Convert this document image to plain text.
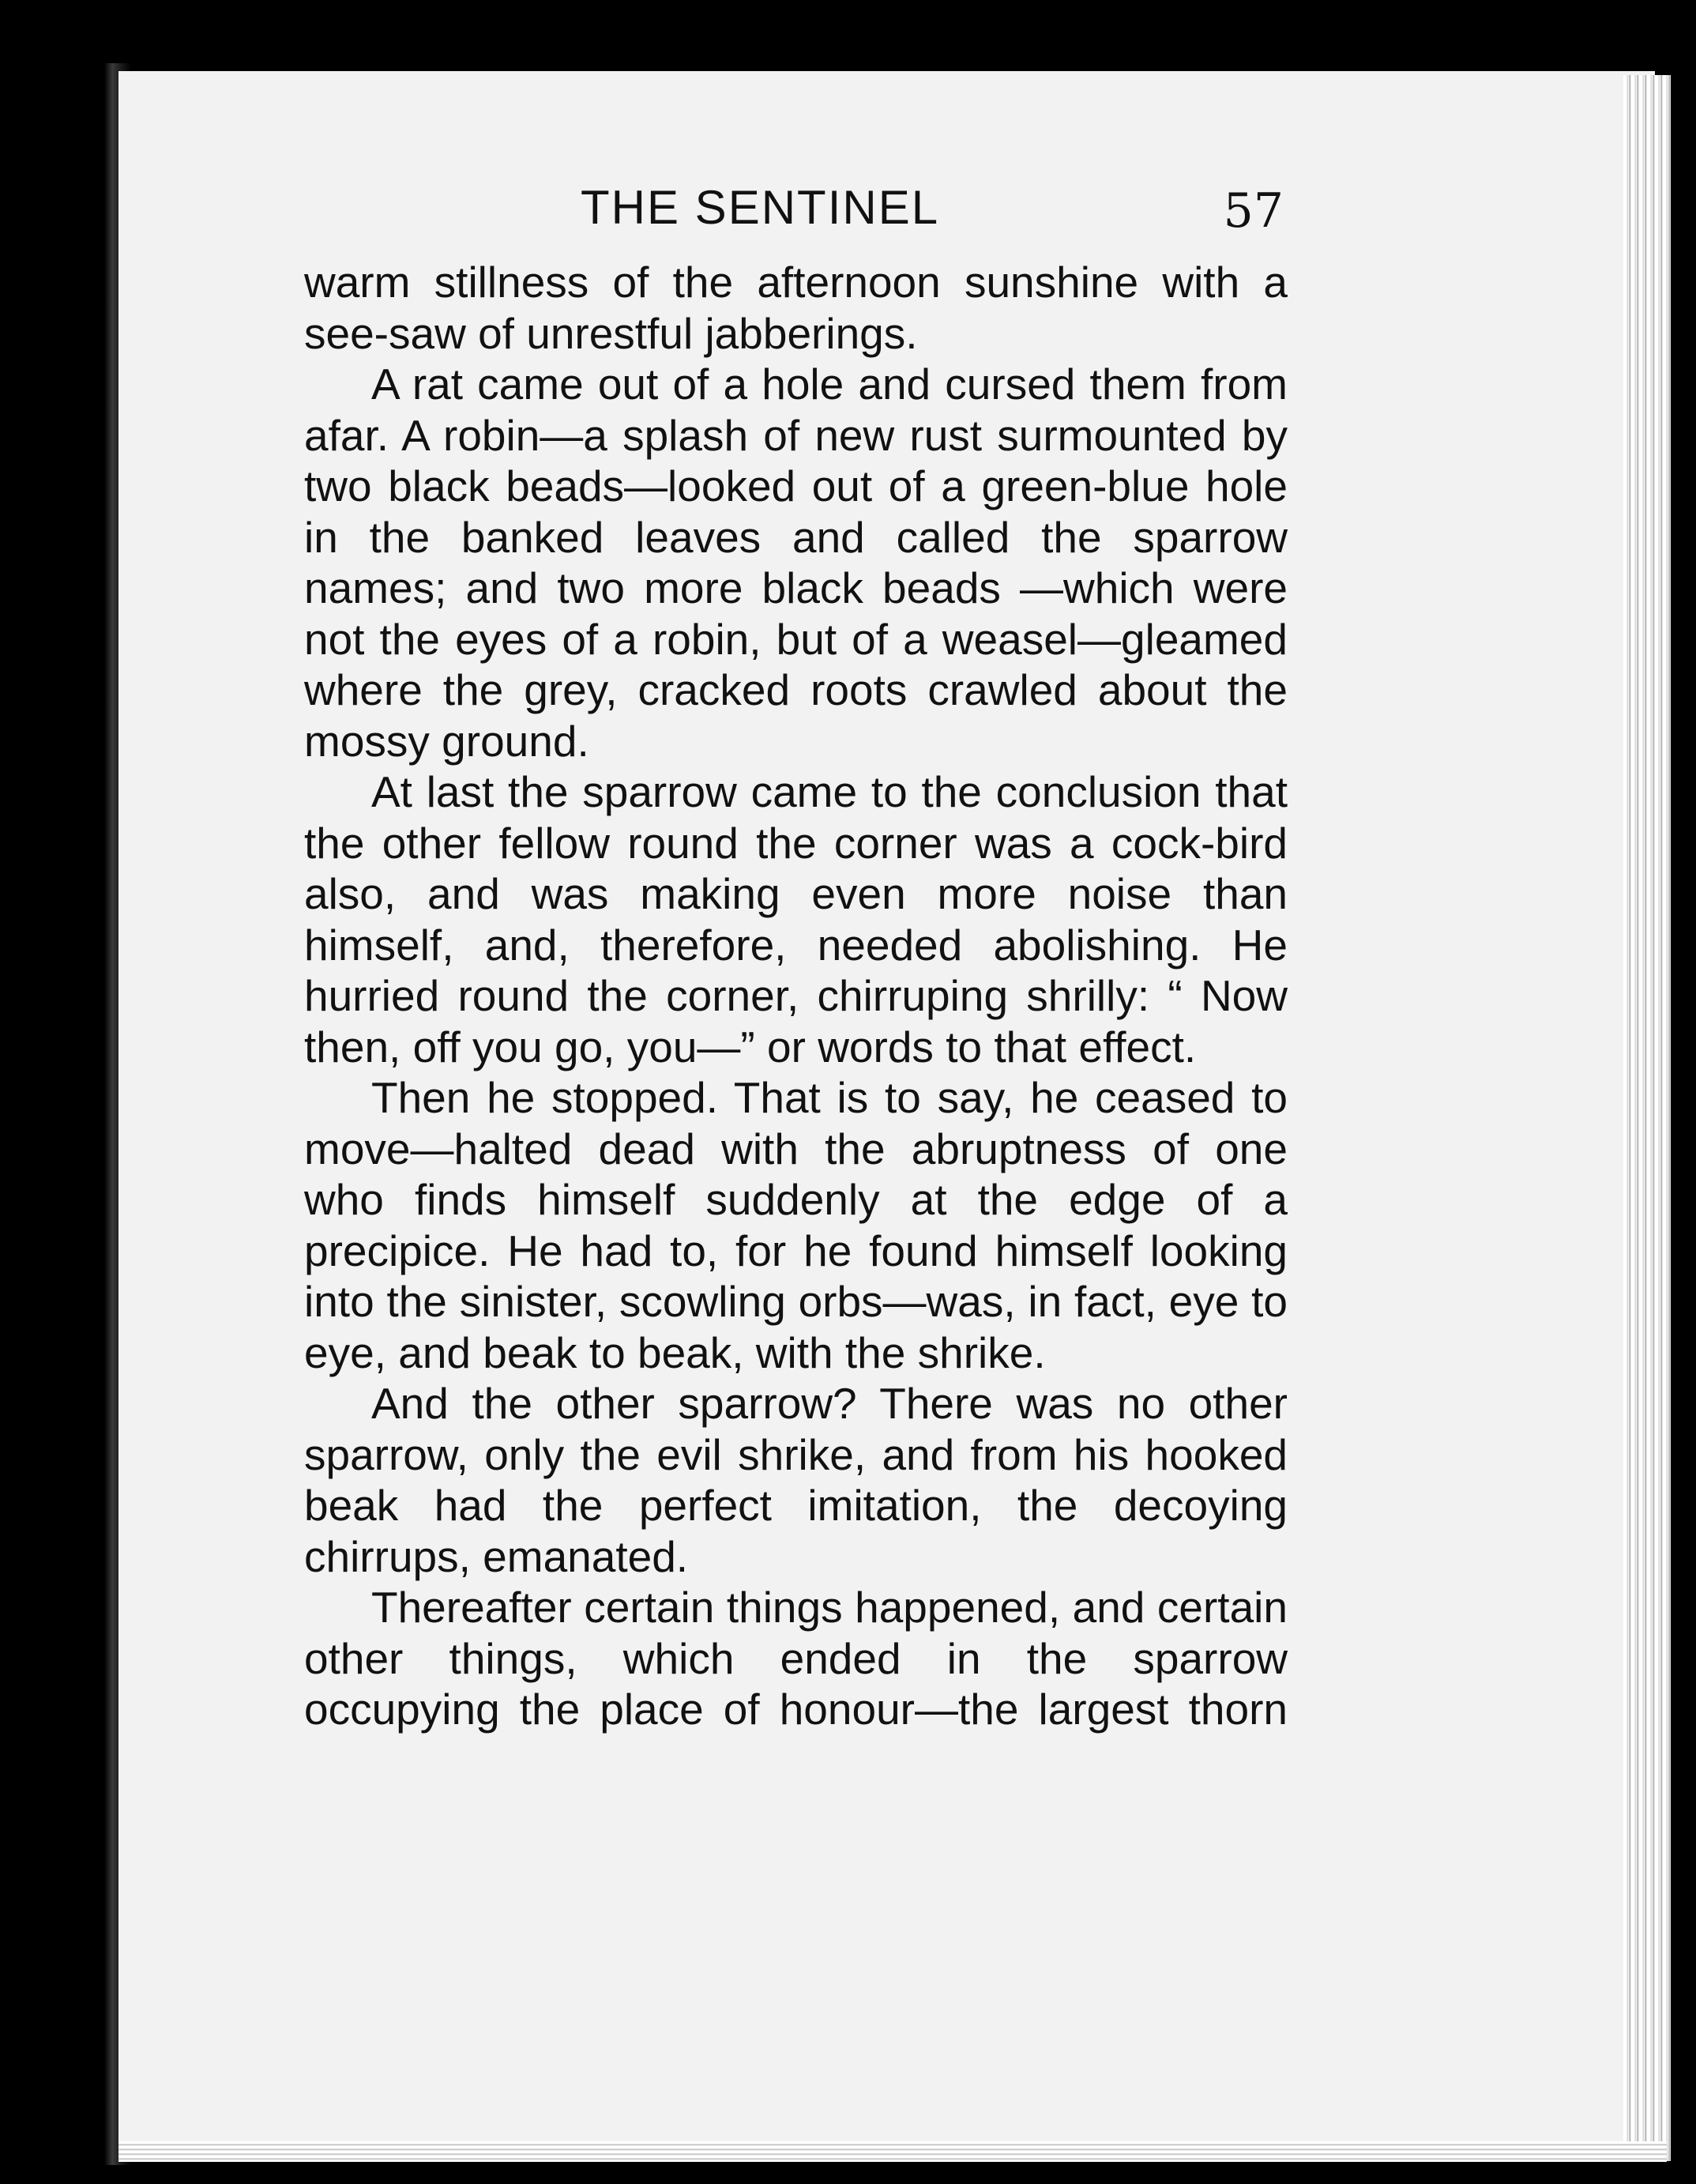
THE SENTINEL	57

warm stillness of the afternoon sunshine with a see-saw of unrestful jabberings.

A rat came out of a hole and cursed them from afar. A robin—a splash of new rust surmounted by two black beads—looked out of a green-blue hole in the banked leaves and called the sparrow names; and two more black beads —which were not the eyes of a robin, but of a weasel—gleamed where the grey, cracked roots crawled about the mossy ground.

At last the sparrow came to the conclusion that the other fellow round the corner was a cock-bird also, and was making even more noise than himself, and, therefore, needed abolishing. He hurried round the corner, chirruping shrilly: “ Now then, off you go, you—” or words to that effect.

Then he stopped. That is to say, he ceased to move—halted dead with the abruptness of one who finds himself suddenly at the edge of a precipice. He had to, for he found himself looking into the sinister, scowling orbs—was, in fact, eye to eye, and beak to beak, with the shrike.

And the other sparrow? There was no other sparrow, only the evil shrike, and from his hooked beak had the perfect imitation, the decoying chirrups, emanated.

Thereafter certain things happened, and certain other things, which ended in the sparrow occupying the place of honour—the largest thorn
